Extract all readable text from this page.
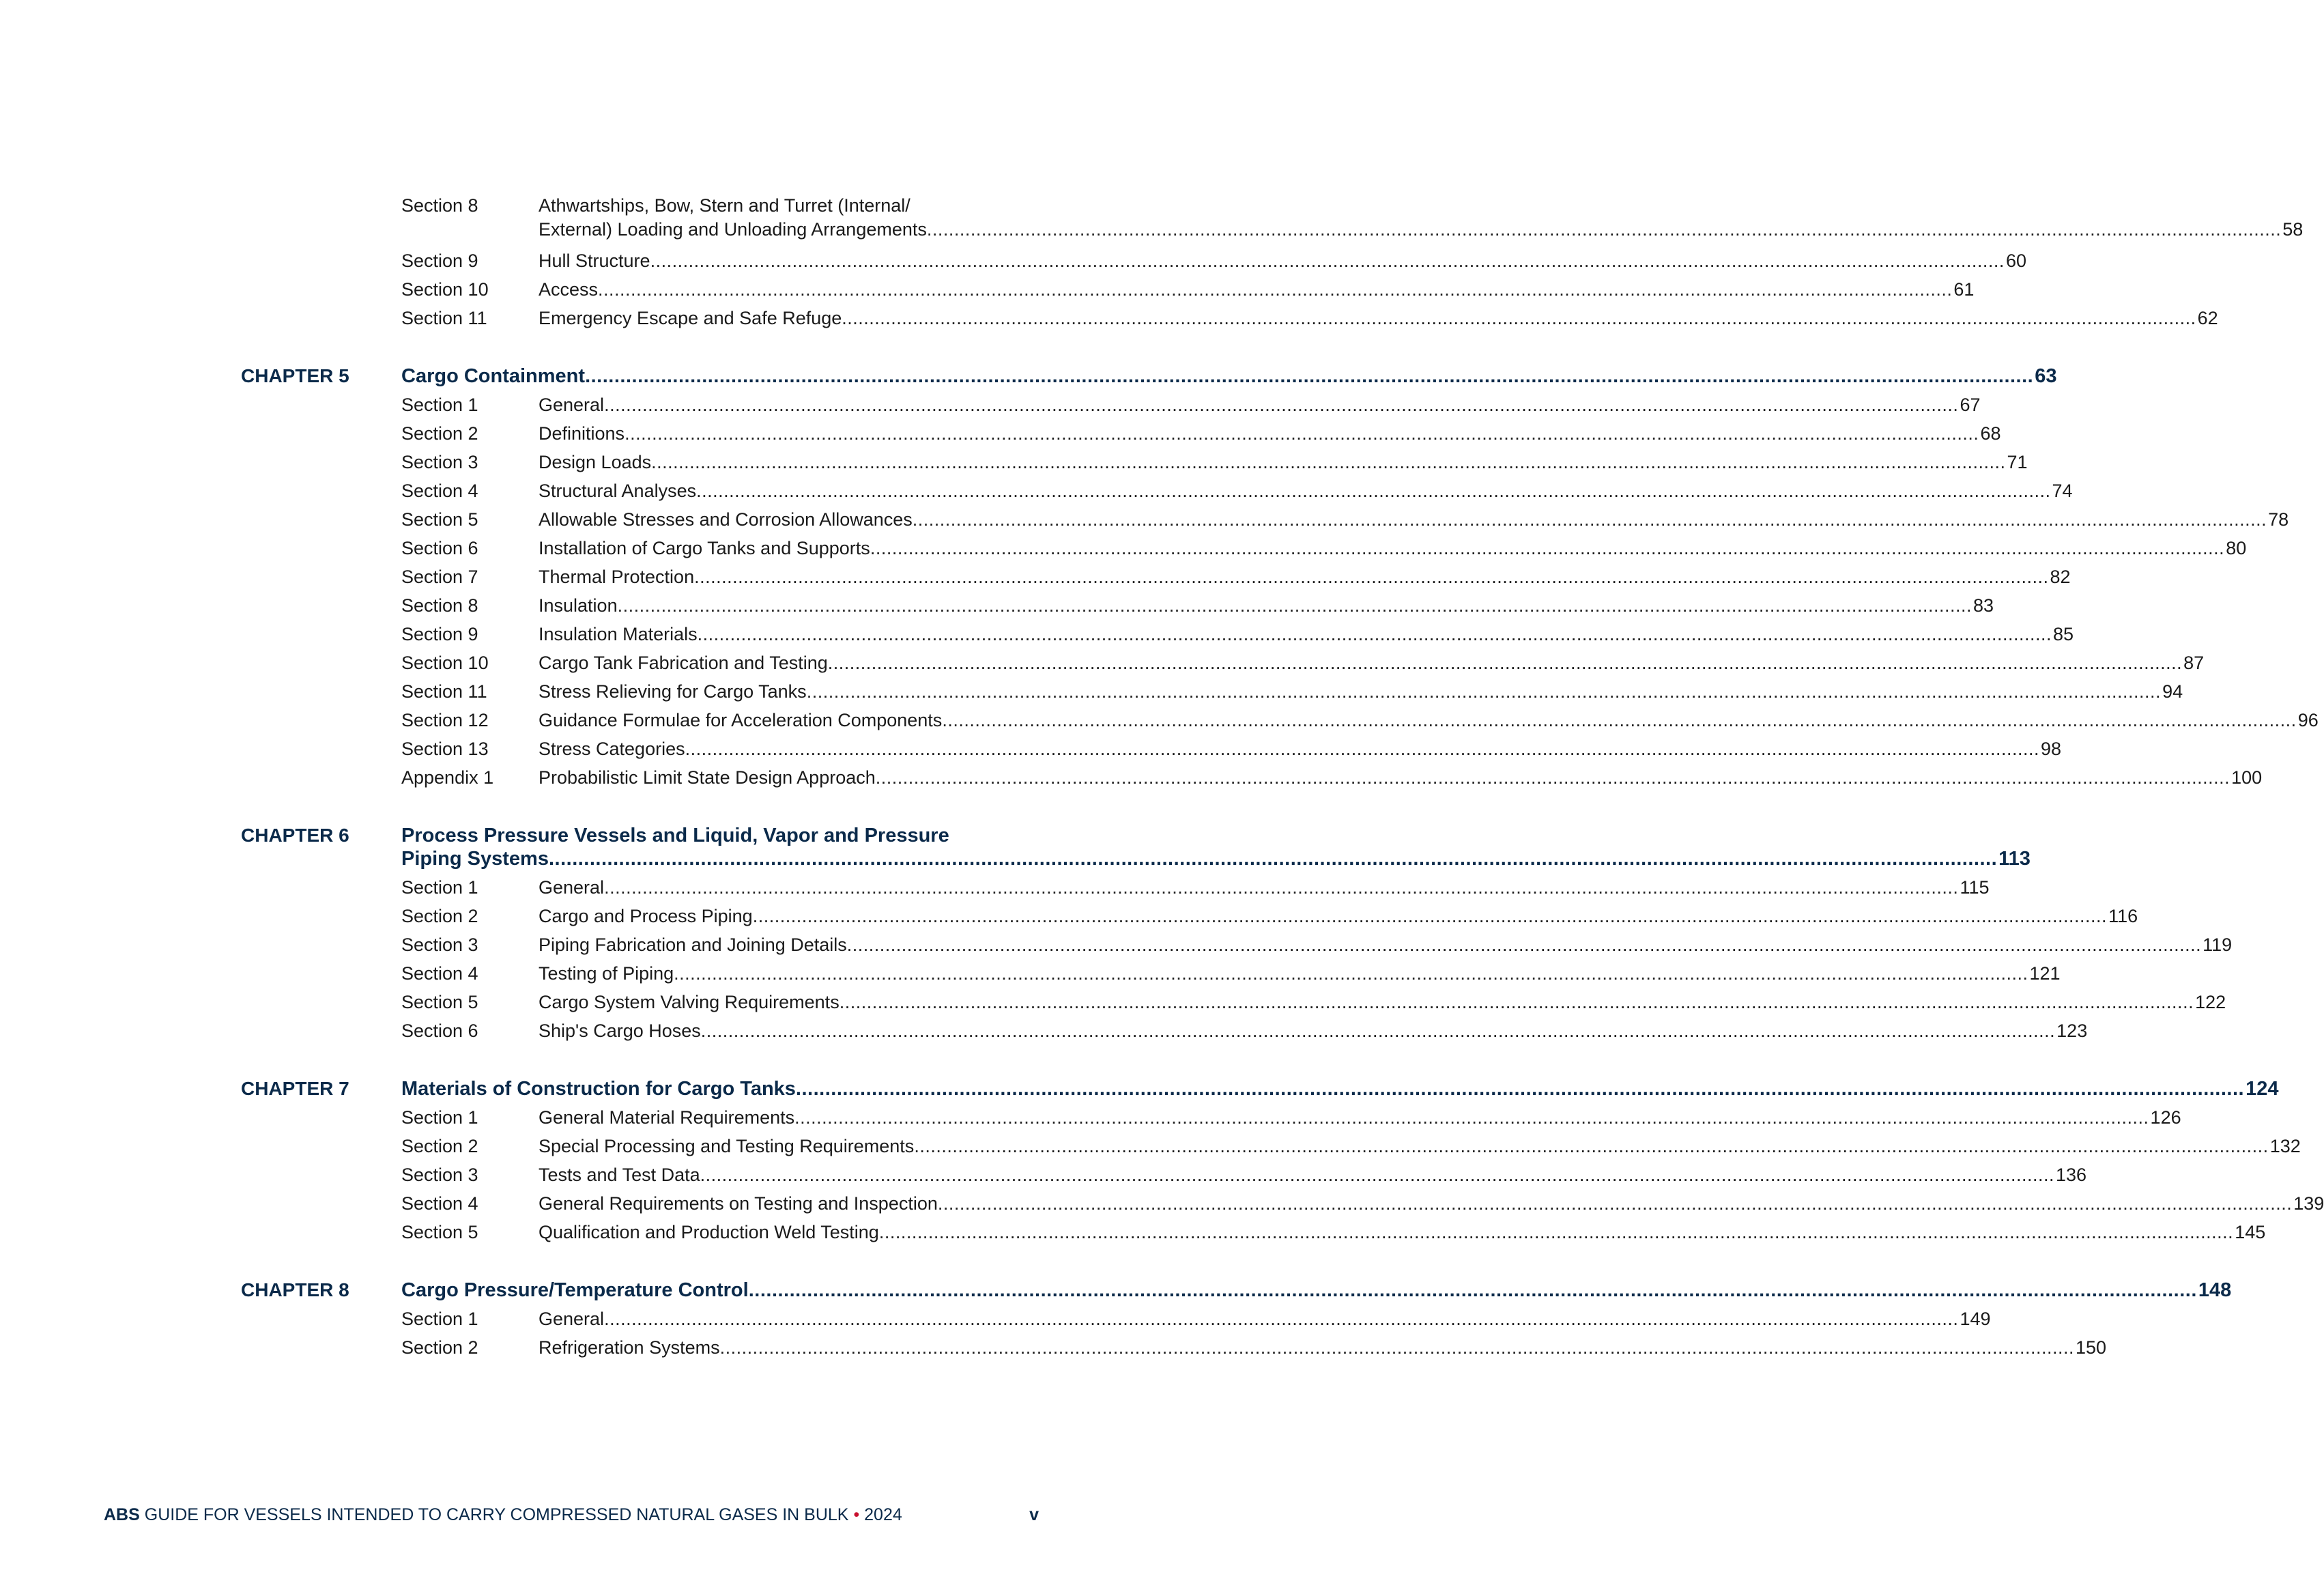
Section 8	Athwartships, Bow, Stern and Turret (Internal/
External) Loading and Unloading Arrangements .....	58
Section 9	Hull Structure .....	60
Section 10	Access .....	61
Section 11	Emergency Escape and Safe Refuge .....	62
CHAPTER 5	Cargo Containment .....	63
Section 1	General .....	67
Section 2	Definitions .....	68
Section 3	Design Loads .....	71
Section 4	Structural Analyses .....	74
Section 5	Allowable Stresses and Corrosion Allowances .....	78
Section 6	Installation of Cargo Tanks and Supports .....	80
Section 7	Thermal Protection .....	82
Section 8	Insulation .....	83
Section 9	Insulation Materials .....	85
Section 10	Cargo Tank Fabrication and Testing .....	87
Section 11	Stress Relieving for Cargo Tanks .....	94
Section 12	Guidance Formulae for Acceleration Components .....	96
Section 13	Stress Categories .....	98
Appendix 1	Probabilistic Limit State Design Approach .....	100
CHAPTER 6	Process Pressure Vessels and Liquid, Vapor and Pressure
Piping Systems .....	113
Section 1	General .....	115
Section 2	Cargo and Process Piping .....	116
Section 3	Piping Fabrication and Joining Details .....	119
Section 4	Testing of Piping .....	121
Section 5	Cargo System Valving Requirements .....	122
Section 6	Ship's Cargo Hoses .....	123
CHAPTER 7	Materials of Construction for Cargo Tanks .....	124
Section 1	General Material Requirements .....	126
Section 2	Special Processing and Testing Requirements .....	132
Section 3	Tests and Test Data .....	136
Section 4	General Requirements on Testing and Inspection .....	139
Section 5	Qualification and Production Weld Testing .....	145
CHAPTER 8	Cargo Pressure/Temperature Control .....	148
Section 1	General .....	149
Section 2	Refrigeration Systems .....	150
ABS GUIDE FOR VESSELS INTENDED TO CARRY COMPRESSED NATURAL GASES IN BULK • 2024	v
